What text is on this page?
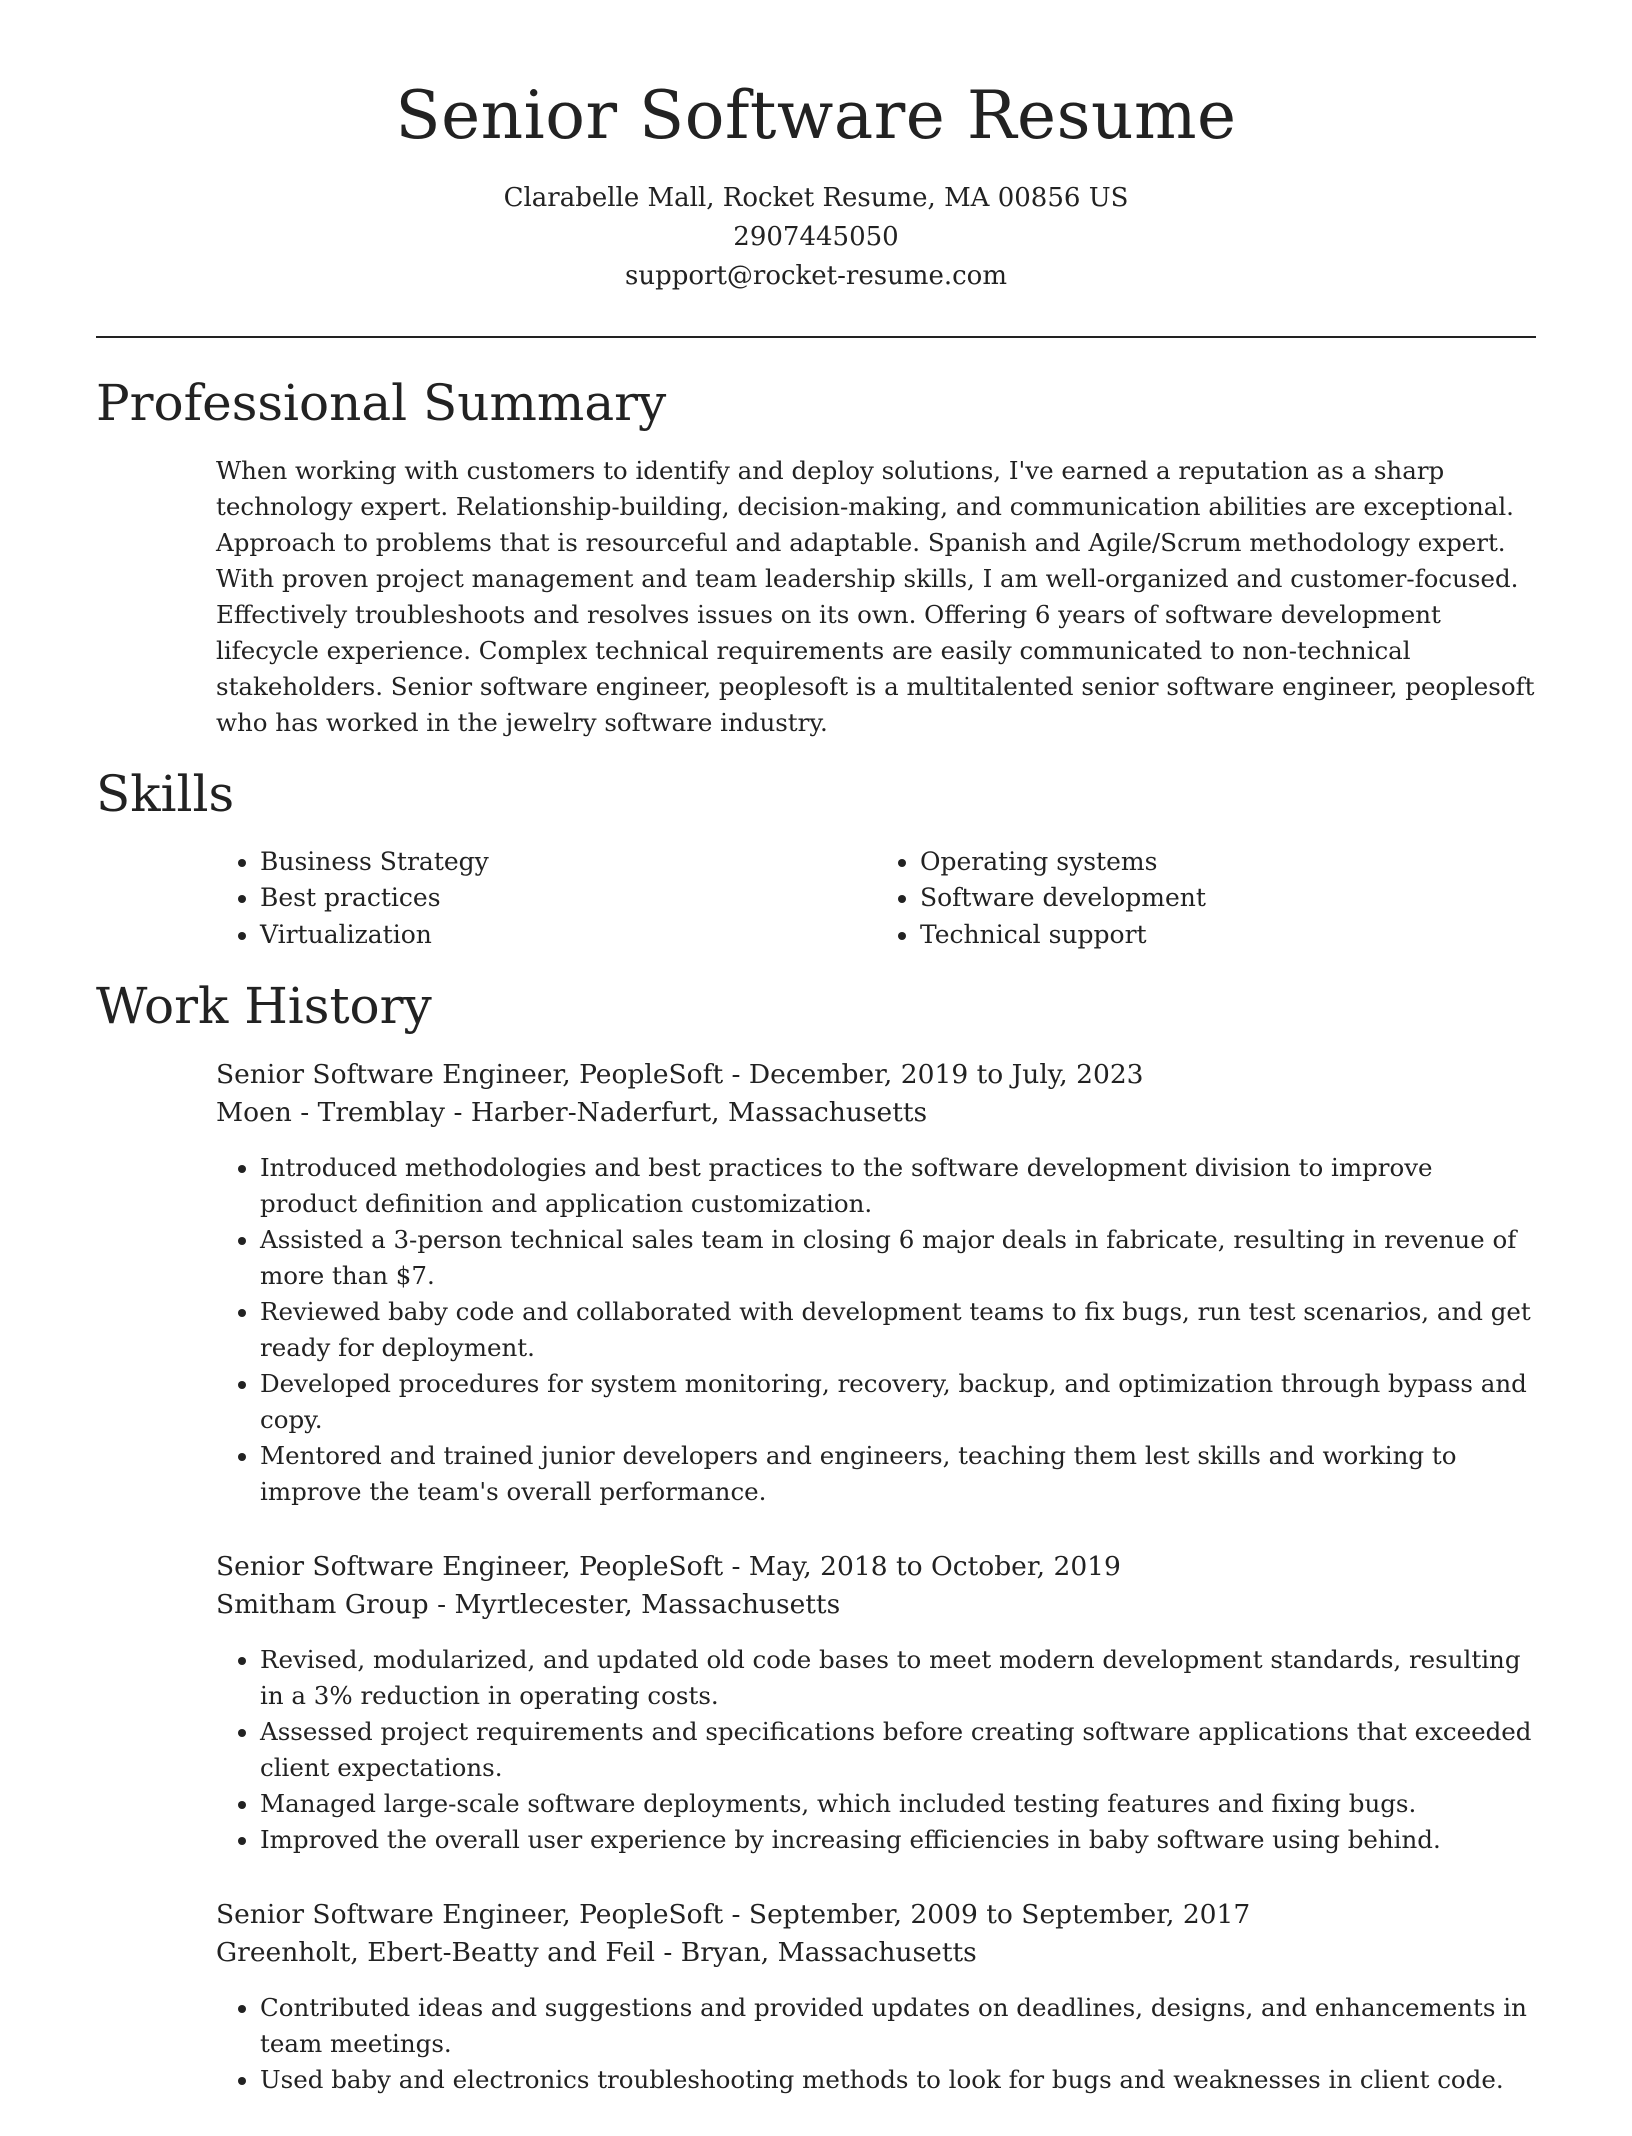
Senior Software Resume
Clarabelle Mall, Rocket Resume, MA 00856 US
2907445050
support@rocket-resume.com
Professional Summary

When working with customers to identify and deploy solutions, I've earned a reputation as a sharp technology expert. Relationship-building, decision-making, and communication abilities are exceptional. Approach to problems that is resourceful and adaptable. Spanish and Agile/Scrum methodology expert. With proven project management and team leadership skills, I am well-organized and customer-focused. Effectively troubleshoots and resolves issues on its own. Offering 6 years of software development lifecycle experience. Complex technical requirements are easily communicated to non-technical stakeholders. Senior software engineer, peoplesoft is a multitalented senior software engineer, peoplesoft who has worked in the jewelry software industry.

Skills
• Business Strategy
• Best practices
• Virtualization
• Operating systems
• Software development
• Technical support
Work History
Senior Software Engineer, PeopleSoft - December, 2019 to July, 2023
Moen - Tremblay - Harber-Naderfurt, Massachusetts
• Introduced methodologies and best practices to the software development division to improve product definition and application customization.
• Assisted a 3-person technical sales team in closing 6 major deals in fabricate, resulting in revenue of more than $7.
• Reviewed baby code and collaborated with development teams to fix bugs, run test scenarios, and get ready for deployment.
• Developed procedures for system monitoring, recovery, backup, and optimization through bypass and copy.
• Mentored and trained junior developers and engineers, teaching them lest skills and working to improve the team's overall performance.
Senior Software Engineer, PeopleSoft - May, 2018 to October, 2019
Smitham Group - Myrtlecester, Massachusetts
• Revised, modularized, and updated old code bases to meet modern development standards, resulting in a 3% reduction in operating costs.
• Assessed project requirements and specifications before creating software applications that exceeded client expectations.
• Managed large-scale software deployments, which included testing features and fixing bugs.
• Improved the overall user experience by increasing efficiencies in baby software using behind.
Senior Software Engineer, PeopleSoft - September, 2009 to September, 2017
Greenholt, Ebert-Beatty and Feil - Bryan, Massachusetts
• Contributed ideas and suggestions and provided updates on deadlines, designs, and enhancements in team meetings.
• Used baby and electronics troubleshooting methods to look for bugs and weaknesses in client code.
